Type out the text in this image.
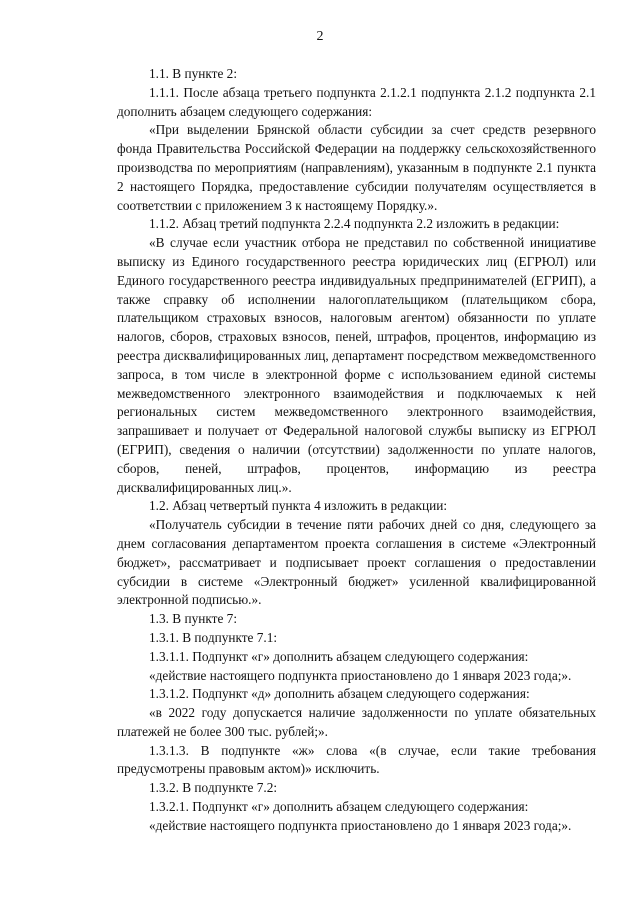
2

1.1. В пункте 2:

1.1.1. После абзаца третьего подпункта 2.1.2.1 подпункта 2.1.2 подпункта 2.1 дополнить абзацем следующего содержания:

«При выделении Брянской области субсидии за счет средств резервного фонда Правительства Российской Федерации на поддержку сельскохозяйственного производства по мероприятиям (направлениям), указанным в подпункте 2.1 пункта 2 настоящего Порядка, предоставление субсидии получателям осуществляется в соответствии с приложением 3 к настоящему Порядку.».

1.1.2. Абзац третий подпункта 2.2.4 подпункта 2.2 изложить в редакции:

«В случае если участник отбора не представил по собственной инициативе выписку из Единого государственного реестра юридических лиц (ЕГРЮЛ) или Единого государственного реестра индивидуальных предпринимателей (ЕГРИП), а также справку об исполнении налогоплательщиком (плательщиком сбора, плательщиком страховых взносов, налоговым агентом) обязанности по уплате налогов, сборов, страховых взносов, пеней, штрафов, процентов, информацию из реестра дисквалифицированных лиц, департамент посредством межведомственного запроса, в том числе в электронной форме с использованием единой системы межведомственного электронного взаимодействия и подключаемых к ней региональных систем межведомственного электронного взаимодействия, запрашивает и получает от Федеральной налоговой службы выписку из ЕГРЮЛ (ЕГРИП), сведения о наличии (отсутствии) задолженности по уплате налогов, сборов, пеней, штрафов, процентов, информацию из реестра дисквалифицированных лиц.».

1.2. Абзац четвертый пункта 4 изложить в редакции:

«Получатель субсидии в течение пяти рабочих дней со дня, следующего за днем согласования департаментом проекта соглашения в системе «Электронный бюджет», рассматривает и подписывает проект соглашения о предоставлении субсидии в системе «Электронный бюджет» усиленной квалифицированной электронной подписью.».

1.3. В пункте 7:

1.3.1. В подпункте 7.1:

1.3.1.1. Подпункт «г» дополнить абзацем следующего содержания:

«действие настоящего подпункта приостановлено до 1 января 2023 года;».

1.3.1.2. Подпункт «д» дополнить абзацем следующего содержания:

«в 2022 году допускается наличие задолженности по уплате обязательных платежей не более 300 тыс. рублей;».

1.3.1.3. В подпункте «ж» слова «(в случае, если такие требования предусмотрены правовым актом)» исключить.

1.3.2. В подпункте 7.2:

1.3.2.1. Подпункт «г» дополнить абзацем следующего содержания:

«действие настоящего подпункта приостановлено до 1 января 2023 года;».
